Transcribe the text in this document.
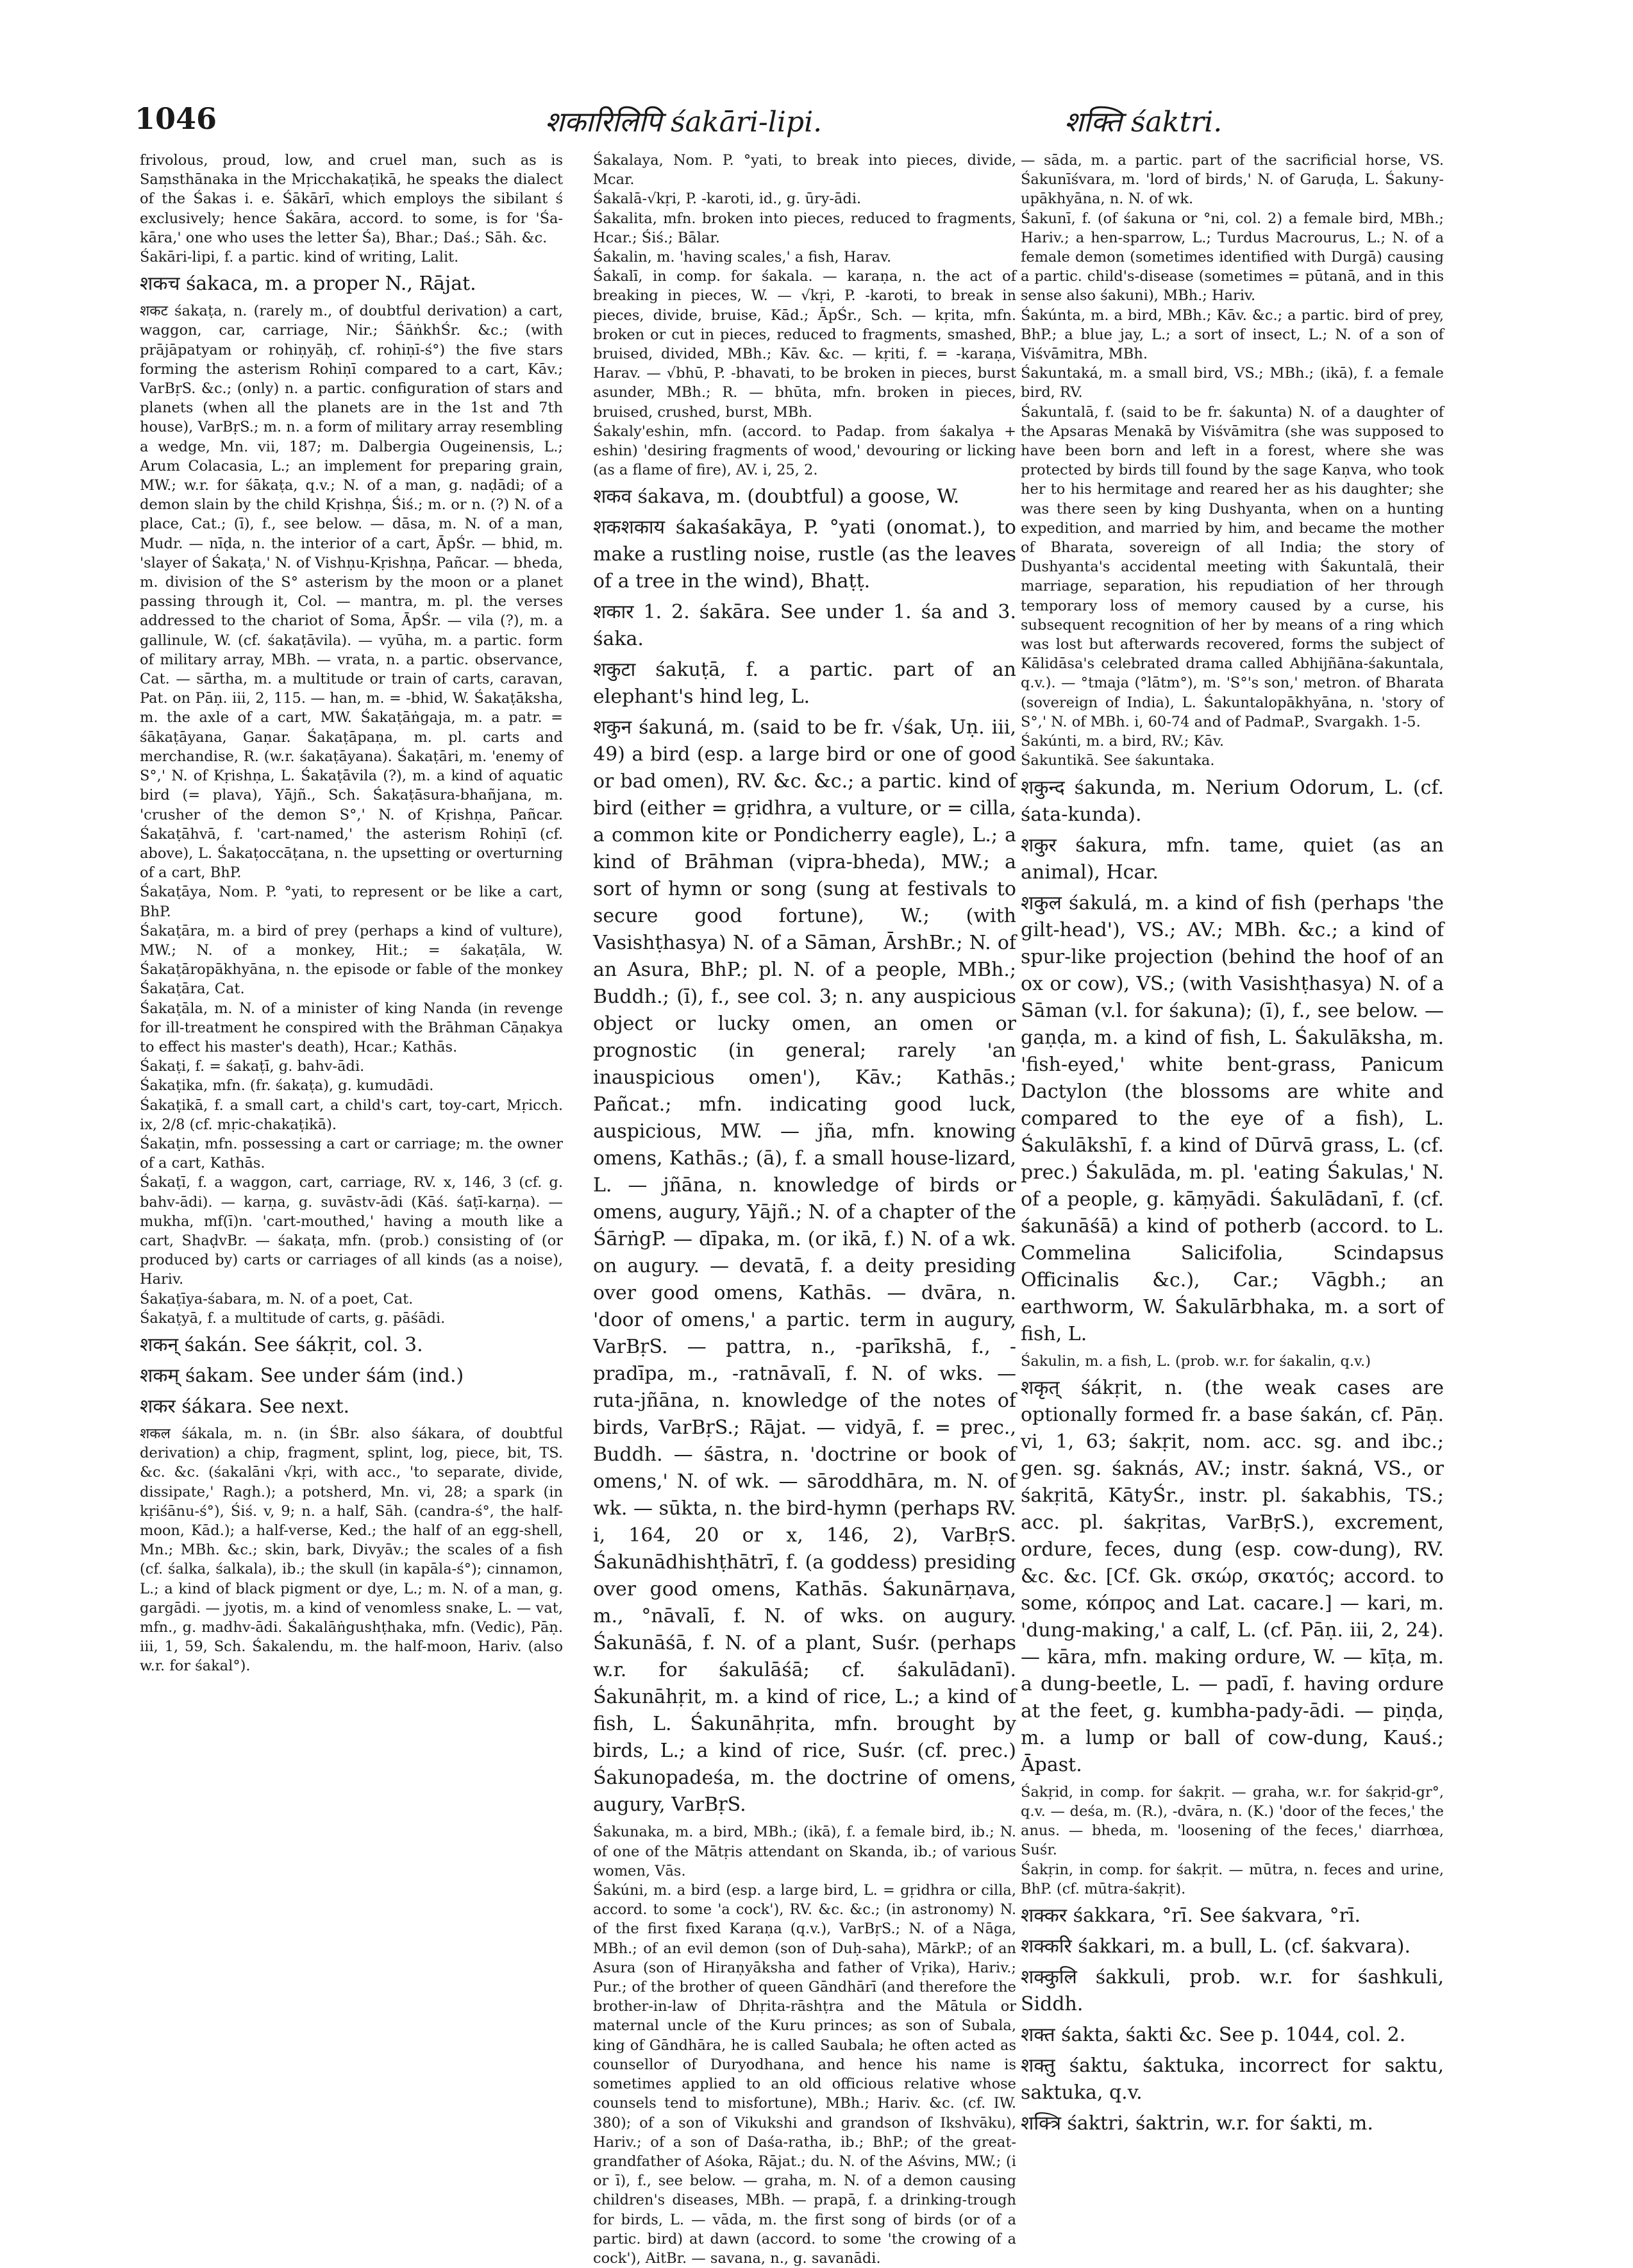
1046	शकारिलिपि śakāri-lipi.	शक्ति śaktri.

frivolous, proud, low, and cruel man, such as is Saṃsthānaka in the Mṛicchakaṭikā, he speaks the dialect of the Śakas i. e. Śākārī, which employs the sibilant ś exclusively; hence Śakāra, accord. to some, is for 'Śa-kāra,' one who uses the letter Śa), Bhar.; Daś.; Sāh. &c.

Śakāri-lipi, f. a partic. kind of writing, Lalit.

शकच śakaca, m. a proper N., Rājat.

शकट śakaṭa, n. (rarely m., of doubtful derivation) a cart, waggon, car, carriage, Nir.; ŚāṅkhŚr. &c.; (with prājāpatyam or rohiṇyāḥ, cf. rohiṇī-ś°) the five stars forming the asterism Rohiṇī compared to a cart, Kāv.; VarBṛS. &c.; (only) n. a partic. configuration of stars and planets (when all the planets are in the 1st and 7th house), VarBṛS.; m. n. a form of military array resembling a wedge, Mn. vii, 187; m. Dalbergia Ougeinensis, L.; Arum Colacasia, L.; an implement for preparing grain, MW.; w.r. for śākaṭa, q.v.; N. of a man, g. naḍādi; of a demon slain by the child Kṛishṇa, Śiś.; m. or n. (?) N. of a place, Cat.; (ī), f., see below. — dāsa, m. N. of a man, Mudr. — nīḍa, n. the interior of a cart, ĀpŚr. — bhid, m. 'slayer of Śakaṭa,' N. of Vishṇu-Kṛishṇa, Pañcar. — bheda, m. division of the S° asterism by the moon or a planet passing through it, Col. — mantra, m. pl. the verses addressed to the chariot of Soma, ĀpŚr. — vila (?), m. a gallinule, W. (cf. śakaṭāvila). — vyūha, m. a partic. form of military array, MBh. — vrata, n. a partic. observance, Cat. — sārtha, m. a multitude or train of carts, caravan, Pat. on Pāṇ. iii, 2, 115. — han, m. = -bhid, W. Śakaṭāksha, m. the axle of a cart, MW. Śakaṭāṅgaja, m. a patr. = śākaṭāyana, Gaṇar. Śakaṭāpaṇa, m. pl. carts and merchandise, R. (w.r. śakaṭāyana). Śakaṭāri, m. 'enemy of S°,' N. of Kṛishṇa, L. Śakaṭāvila (?), m. a kind of aquatic bird (= plava), Yājñ., Sch. Śakaṭāsura-bhañjana, m. 'crusher of the demon S°,' N. of Kṛishṇa, Pañcar. Śakaṭāhvā, f. 'cart-named,' the asterism Rohiṇī (cf. above), L. Śakaṭoccāṭana, n. the upsetting or overturning of a cart, BhP.

Śakaṭāya, Nom. P. °yati, to represent or be like a cart, BhP.

Śakaṭāra, m. a bird of prey (perhaps a kind of vulture), MW.; N. of a monkey, Hit.; = śakaṭāla, W. Śakaṭāropākhyāna, n. the episode or fable of the monkey Śakaṭāra, Cat.

Śakaṭāla, m. N. of a minister of king Nanda (in revenge for ill-treatment he conspired with the Brāhman Cāṇakya to effect his master's death), Hcar.; Kathās.

Śakaṭi, f. = śakaṭī, g. bahv-ādi.

Śakaṭika, mfn. (fr. śakaṭa), g. kumudādi.

Śakaṭikā, f. a small cart, a child's cart, toy-cart, Mṛicch. ix, 2/8 (cf. mṛic-chakaṭikā).

Śakaṭin, mfn. possessing a cart or carriage; m. the owner of a cart, Kathās.

Śakaṭī, f. a waggon, cart, carriage, RV. x, 146, 3 (cf. g. bahv-ādi). — karṇa, g. suvāstv-ādi (Kāś. śaṭī-karṇa). — mukha, mf(ī)n. 'cart-mouthed,' having a mouth like a cart, ShaḍvBr. — śakaṭa, mfn. (prob.) consisting of (or produced by) carts or carriages of all kinds (as a noise), Hariv.

Śakaṭīya-śabara, m. N. of a poet, Cat.

Śakaṭyā, f. a multitude of carts, g. pāśādi.

शकन् śakán. See śákṛit, col. 3.

शकम् śakam. See under śám (ind.)

शकर śákara. See next.

शकल śákala, m. n. (in ŚBr. also śákara, of doubtful derivation) a chip, fragment, splint, log, piece, bit, TS. &c. &c. (śakalāni √kṛi, with acc., 'to separate, divide, dissipate,' Ragh.); a potsherd, Mn. vi, 28; a spark (in kṛiśānu-ś°), Śiś. v, 9; n. a half, Sāh. (candra-ś°, the half-moon, Kād.); a half-verse, Ked.; the half of an egg-shell, Mn.; MBh. &c.; skin, bark, Divyāv.; the scales of a fish (cf. śalka, śalkala), ib.; the skull (in kapāla-ś°); cinnamon, L.; a kind of black pigment or dye, L.; m. N. of a man, g. gargādi. — jyotis, m. a kind of venomless snake, L. — vat, mfn., g. madhv-ādi. Śakalāṅgushṭhaka, mfn. (Vedic), Pāṇ. iii, 1, 59, Sch. Śakalendu, m. the half-moon, Hariv. (also w.r. for śakal°).

Śakalaya, Nom. P. °yati, to break into pieces, divide, Mcar.

Śakalā-√kṛi, P. -karoti, id., g. ūry-ādi.

Śakalita, mfn. broken into pieces, reduced to fragments, Hcar.; Śiś.; Bālar.

Śakalin, m. 'having scales,' a fish, Harav.

Śakalī, in comp. for śakala. — karaṇa, n. the act of breaking in pieces, W. — √kṛi, P. -karoti, to break in pieces, divide, bruise, Kād.; ĀpŚr., Sch. — kṛita, mfn. broken or cut in pieces, reduced to fragments, smashed, bruised, divided, MBh.; Kāv. &c. — kṛiti, f. = -karaṇa, Harav. — √bhū, P. -bhavati, to be broken in pieces, burst asunder, MBh.; R. — bhūta, mfn. broken in pieces, bruised, crushed, burst, MBh.

Śakaly'eshin, mfn. (accord. to Padap. from śakalya + eshin) 'desiring fragments of wood,' devouring or licking (as a flame of fire), AV. i, 25, 2.

शकव śakava, m. (doubtful) a goose, W.

शकशकाय śakaśakāya, P. °yati (onomat.), to make a rustling noise, rustle (as the leaves of a tree in the wind), Bhaṭṭ.

शकार 1. 2. śakāra. See under 1. śa and 3. śaka.

शकुटा śakuṭā, f. a partic. part of an elephant's hind leg, L.

शकुन śakuná, m. (said to be fr. √śak, Uṇ. iii, 49) a bird (esp. a large bird or one of good or bad omen), RV. &c. &c.; a partic. kind of bird (either = gṛidhra, a vulture, or = cilla, a common kite or Pondicherry eagle), L.; a kind of Brāhman (vipra-bheda), MW.; a sort of hymn or song (sung at festivals to secure good fortune), W.; (with Vasishṭhasya) N. of a Sāman, ĀrshBr.; N. of an Asura, BhP.; pl. N. of a people, MBh.; Buddh.; (ī), f., see col. 3; n. any auspicious object or lucky omen, an omen or prognostic (in general; rarely 'an inauspicious omen'), Kāv.; Kathās.; Pañcat.; mfn. indicating good luck, auspicious, MW. — jña, mfn. knowing omens, Kathās.; (ā), f. a small house-lizard, L. — jñāna, n. knowledge of birds or omens, augury, Yājñ.; N. of a chapter of the ŚārṅgP. — dīpaka, m. (or ikā, f.) N. of a wk. on augury. — devatā, f. a deity presiding over good omens, Kathās. — dvāra, n. 'door of omens,' a partic. term in augury, VarBṛS. — pattra, n., -parīkshā, f., -pradīpa, m., -ratnāvalī, f. N. of wks. — ruta-jñāna, n. knowledge of the notes of birds, VarBṛS.; Rājat. — vidyā, f. = prec., Buddh. — śāstra, n. 'doctrine or book of omens,' N. of wk. — sāroddhāra, m. N. of wk. — sūkta, n. the bird-hymn (perhaps RV. i, 164, 20 or x, 146, 2), VarBṛS. Śakunādhishṭhātrī, f. (a goddess) presiding over good omens, Kathās. Śakunārṇava, m., °nāvalī, f. N. of wks. on augury. Śakunāśā, f. N. of a plant, Suśr. (perhaps w.r. for śakulāśā; cf. śakulādanī). Śakunāhṛit, m. a kind of rice, L.; a kind of fish, L. Śakunāhṛita, mfn. brought by birds, L.; a kind of rice, Suśr. (cf. prec.) Śakunopadeśa, m. the doctrine of omens, augury, VarBṛS.

Śakunaka, m. a bird, MBh.; (ikā), f. a female bird, ib.; N. of one of the Mātṛis attendant on Skanda, ib.; of various women, Vās.

Śakúni, m. a bird (esp. a large bird, L. = gṛidhra or cilla, accord. to some 'a cock'), RV. &c. &c.; (in astronomy) N. of the first fixed Karaṇa (q.v.), VarBṛS.; N. of a Nāga, MBh.; of an evil demon (son of Duḥ-saha), MārkP.; of an Asura (son of Hiraṇyāksha and father of Vṛika), Hariv.; Pur.; of the brother of queen Gāndhārī (and therefore the brother-in-law of Dhṛita-rāshṭra and the Mātula or maternal uncle of the Kuru princes; as son of Subala, king of Gāndhāra, he is called Saubala; he often acted as counsellor of Duryodhana, and hence his name is sometimes applied to an old officious relative whose counsels tend to misfortune), MBh.; Hariv. &c. (cf. IW. 380); of a son of Vikukshi and grandson of Ikshvāku), Hariv.; of a son of Daśa-ratha, ib.; BhP.; of the great-grandfather of Aśoka, Rājat.; du. N. of the Aśvins, MW.; (i or ī), f., see below. — graha, m. N. of a demon causing children's diseases, MBh. — prapā, f. a drinking-trough for birds, L. — vāda, m. the first song of birds (or of a partic. bird) at dawn (accord. to some 'the crowing of a cock'), AitBr. — savana, n., g. savanādi.

— sāda, m. a partic. part of the sacrificial horse, VS. Śakunīśvara, m. 'lord of birds,' N. of Garuḍa, L. Śakuny-upākhyāna, n. N. of wk.

Śakunī, f. (of śakuna or °ni, col. 2) a female bird, MBh.; Hariv.; a hen-sparrow, L.; Turdus Macrourus, L.; N. of a female demon (sometimes identified with Durgā) causing a partic. child's-disease (sometimes = pūtanā, and in this sense also śakuni), MBh.; Hariv.

Śakúnta, m. a bird, MBh.; Kāv. &c.; a partic. bird of prey, BhP.; a blue jay, L.; a sort of insect, L.; N. of a son of Viśvāmitra, MBh.

Śakuntaká, m. a small bird, VS.; MBh.; (ikā), f. a female bird, RV.

Śakuntalā, f. (said to be fr. śakunta) N. of a daughter of the Apsaras Menakā by Viśvāmitra (she was supposed to have been born and left in a forest, where she was protected by birds till found by the sage Kaṇva, who took her to his hermitage and reared her as his daughter; she was there seen by king Dushyanta, when on a hunting expedition, and married by him, and became the mother of Bharata, sovereign of all India; the story of Dushyanta's accidental meeting with Śakuntalā, their marriage, separation, his repudiation of her through temporary loss of memory caused by a curse, his subsequent recognition of her by means of a ring which was lost but afterwards recovered, forms the subject of Kālidāsa's celebrated drama called Abhijñāna-śakuntala, q.v.). — °tmaja (°lātm°), m. 'S°'s son,' metron. of Bharata (sovereign of India), L. Śakuntalopākhyāna, n. 'story of S°,' N. of MBh. i, 60-74 and of PadmaP., Svargakh. 1-5.

Śakúnti, m. a bird, RV.; Kāv.

Śakuntikā. See śakuntaka.

शकुन्द śakunda, m. Nerium Odorum, L. (cf. śata-kunda).

शकुर śakura, mfn. tame, quiet (as an animal), Hcar.

शकुल śakulá, m. a kind of fish (perhaps 'the gilt-head'), VS.; AV.; MBh. &c.; a kind of spur-like projection (behind the hoof of an ox or cow), VS.; (with Vasishṭhasya) N. of a Sāman (v.l. for śakuna); (ī), f., see below. — gaṇḍa, m. a kind of fish, L. Śakulāksha, m. 'fish-eyed,' white bent-grass, Panicum Dactylon (the blossoms are white and compared to the eye of a fish), L. Śakulākshī, f. a kind of Dūrvā grass, L. (cf. prec.) Śakulāda, m. pl. 'eating Śakulas,' N. of a people, g. kāṃyādi. Śakulādanī, f. (cf. śakunāśā) a kind of potherb (accord. to L. Commelina Salicifolia, Scindapsus Officinalis &c.), Car.; Vāgbh.; an earthworm, W. Śakulārbhaka, m. a sort of fish, L.

Śakulin, m. a fish, L. (prob. w.r. for śakalin, q.v.)

शकृत् śákṛit, n. (the weak cases are optionally formed fr. a base śakán, cf. Pāṇ. vi, 1, 63; śakṛit, nom. acc. sg. and ibc.; gen. sg. śaknás, AV.; instr. śakná, VS., or śakṛitā, KātyŚr., instr. pl. śakabhis, TS.; acc. pl. śakṛitas, VarBṛS.), excrement, ordure, feces, dung (esp. cow-dung), RV. &c. &c. [Cf. Gk. σκώρ, σκατός; accord. to some, κόπρος and Lat. cacare.] — kari, m. 'dung-making,' a calf, L. (cf. Pāṇ. iii, 2, 24). — kāra, mfn. making ordure, W. — kīṭa, m. a dung-beetle, L. — padī, f. having ordure at the feet, g. kumbha-pady-ādi. — piṇḍa, m. a lump or ball of cow-dung, Kauś.; Āpast.

Śakṛid, in comp. for śakṛit. — graha, w.r. for śakṛid-gr°, q.v. — deśa, m. (R.), -dvāra, n. (K.) 'door of the feces,' the anus. — bheda, m. 'loosening of the feces,' diarrhœa, Suśr.

Śakṛin, in comp. for śakṛit. — mūtra, n. feces and urine, BhP. (cf. mūtra-śakṛit).

शक्कर śakkara, °rī. See śakvara, °rī.

शक्करि śakkari, m. a bull, L. (cf. śakvara).

शक्कुलि śakkuli, prob. w.r. for śashkuli, Siddh.

शक्त śakta, śakti &c. See p. 1044, col. 2.

शक्तु śaktu, śaktuka, incorrect for saktu, saktuka, q.v.

शक्त्रि śaktri, śaktrin, w.r. for śakti, m.
